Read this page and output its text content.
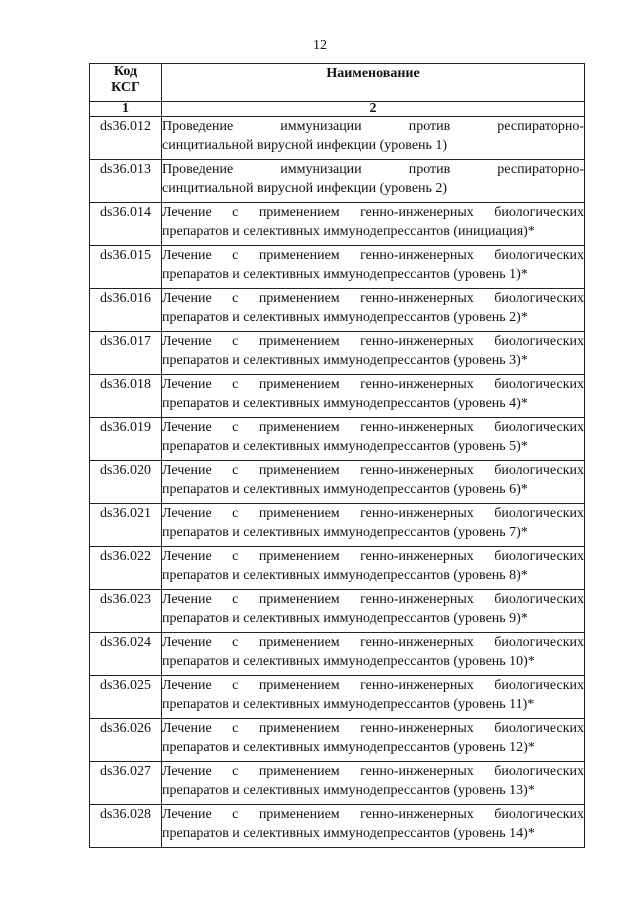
12
Код
КСГ	Наименование
1	2
ds36.012	Проведение иммунизации против респираторно-
синцитиальной вирусной инфекции (уровень 1)

ds36.013	Проведение иммунизации против респираторно-
синцитиальной вирусной инфекции (уровень 2)

ds36.014	Лечение с применением генно-инженерных биологических
препаратов и селективных иммунодепрессантов (инициация)*

ds36.015	Лечение с применением генно-инженерных биологических
препаратов и селективных иммунодепрессантов (уровень 1)*

ds36.016	Лечение с применением генно-инженерных биологических
препаратов и селективных иммунодепрессантов (уровень 2)*

ds36.017	Лечение с применением генно-инженерных биологических
препаратов и селективных иммунодепрессантов (уровень 3)*

ds36.018	Лечение с применением генно-инженерных биологических
препаратов и селективных иммунодепрессантов (уровень 4)*

ds36.019	Лечение с применением генно-инженерных биологических
препаратов и селективных иммунодепрессантов (уровень 5)*

ds36.020	Лечение с применением генно-инженерных биологических
препаратов и селективных иммунодепрессантов (уровень 6)*

ds36.021	Лечение с применением генно-инженерных биологических
препаратов и селективных иммунодепрессантов (уровень 7)*

ds36.022	Лечение с применением генно-инженерных биологических
препаратов и селективных иммунодепрессантов (уровень 8)*

ds36.023	Лечение с применением генно-инженерных биологических
препаратов и селективных иммунодепрессантов (уровень 9)*

ds36.024	Лечение с применением генно-инженерных биологических
препаратов и селективных иммунодепрессантов (уровень 10)*

ds36.025	Лечение с применением генно-инженерных биологических
препаратов и селективных иммунодепрессантов (уровень 11)*

ds36.026	Лечение с применением генно-инженерных биологических
препаратов и селективных иммунодепрессантов (уровень 12)*

ds36.027	Лечение с применением генно-инженерных биологических
препаратов и селективных иммунодепрессантов (уровень 13)*

ds36.028	Лечение с применением генно-инженерных биологических
препаратов и селективных иммунодепрессантов (уровень 14)*
